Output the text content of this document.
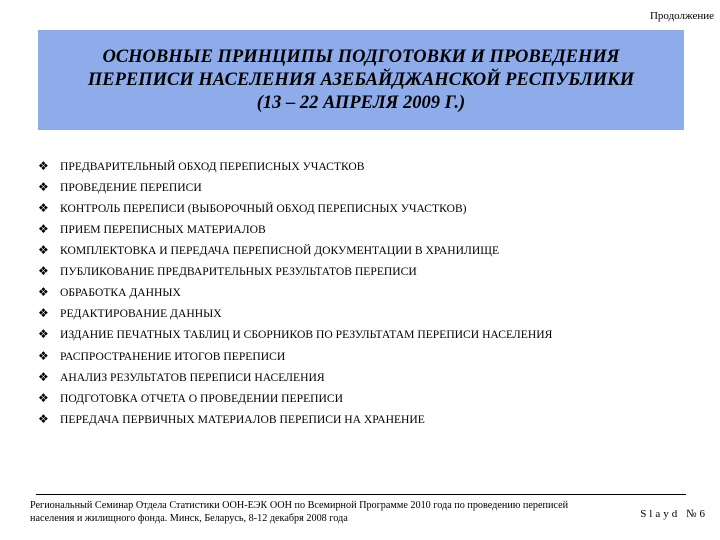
Продолжение
ОСНОВНЫЕ ПРИНЦИПЫ ПОДГОТОВКИ И ПРОВЕДЕНИЯ
ПЕРЕПИСИ НАСЕЛЕНИЯ АЗЕБАЙДЖАНСКОЙ РЕСПУБЛИКИ
(13 – 22 АПРЕЛЯ 2009 Г.)
❖ ПРЕДВАРИТЕЛЬНЫЙ ОБХОД ПЕРЕПИСНЫХ УЧАСТКОВ
❖ ПРОВЕДЕНИЕ ПЕРЕПИСИ
❖ КОНТРОЛЬ ПЕРЕПИСИ (ВЫБОРОЧНЫЙ ОБХОД ПЕРЕПИСНЫХ УЧАСТКОВ)
❖ ПРИЕМ ПЕРЕПИСНЫХ МАТЕРИАЛОВ
❖ КОМПЛЕКТОВКА И ПЕРЕДАЧА ПЕРЕПИСНОЙ ДОКУМЕНТАЦИИ В ХРАНИЛИЩЕ
❖ ПУБЛИКОВАНИЕ ПРЕДВАРИТЕЛЬНЫХ РЕЗУЛЬТАТОВ ПЕРЕПИСИ
❖ ОБРАБОТКА ДАННЫХ
❖ РЕДАКТИРОВАНИЕ ДАННЫХ
❖ ИЗДАНИЕ ПЕЧАТНЫХ ТАБЛИЦ И СБОРНИКОВ ПО РЕЗУЛЬТАТАМ ПЕРЕПИСИ НАСЕЛЕНИЯ
❖ РАСПРОСТРАНЕНИЕ ИТОГОВ ПЕРЕПИСИ
❖ АНАЛИЗ РЕЗУЛЬТАТОВ ПЕРЕПИСИ НАСЕЛЕНИЯ
❖ ПОДГОТОВКА ОТЧЕТА О ПРОВЕДЕНИИ ПЕРЕПИСИ
❖ ПЕРЕДАЧА ПЕРВИЧНЫХ МАТЕРИАЛОВ ПЕРЕПИСИ НА ХРАНЕНИЕ
Региональный Семинар Отдела Статистики ООН-ЕЭК ООН по Всемирной Программе 2010 года по проведению переписей населения и жилищного фонда. Минск, Беларусь, 8-12 декабря 2008 года	Slayd №6
